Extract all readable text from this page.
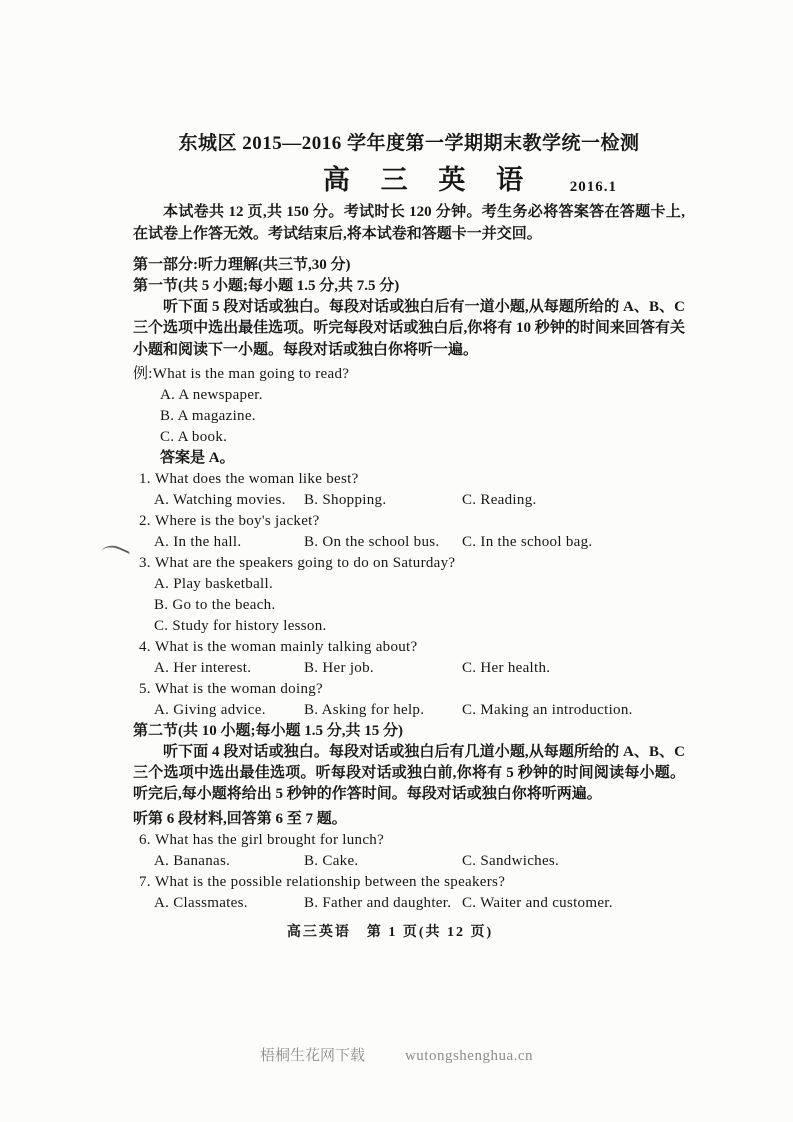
东城区 2015—2016 学年度第一学期期末教学统一检测
高 三 英 语 2016.1

本试卷共 12 页,共 150 分。考试时长 120 分钟。考生务必将答案答在答题卡上,在试卷上作答无效。考试结束后,将本试卷和答题卡一并交回。

第一部分:听力理解(共三节,30 分)
第一节(共 5 小题;每小题 1.5 分,共 7.5 分)

听下面 5 段对话或独白。每段对话或独白后有一道小题,从每题所给的 A、B、C 三个选项中选出最佳选项。听完每段对话或独白后,你将有 10 秒钟的时间来回答有关小题和阅读下一小题。每段对话或独白你将听一遍。

例:What is the man going to read?
A. A newspaper.
B. A magazine.
C. A book.
答案是 A。
1. What does the woman like best?
A. Watching movies.	B. Shopping.	C. Reading.
2. Where is the boy's jacket?
A. In the hall.	B. On the school bus.	C. In the school bag.
3. What are the speakers going to do on Saturday?
A. Play basketball.
B. Go to the beach.
C. Study for history lesson.
4. What is the woman mainly talking about?
A. Her interest.	B. Her job.	C. Her health.
5. What is the woman doing?
A. Giving advice.	B. Asking for help.	C. Making an introduction.
第二节(共 10 小题;每小题 1.5 分,共 15 分)

听下面 4 段对话或独白。每段对话或独白后有几道小题,从每题所给的 A、B、C 三个选项中选出最佳选项。听每段对话或独白前,你将有 5 秒钟的时间阅读每小题。听完后,每小题将给出 5 秒钟的作答时间。每段对话或独白你将听两遍。

听第 6 段材料,回答第 6 至 7 题。
6. What has the girl brought for lunch?
A. Bananas.	B. Cake.	C. Sandwiches.
7. What is the possible relationship between the speakers?
A. Classmates.	B. Father and daughter. C. Waiter and customer.
高三英语　第 1 页(共 12 页)
梧桐生花网下载	wutongshenghua.cn
